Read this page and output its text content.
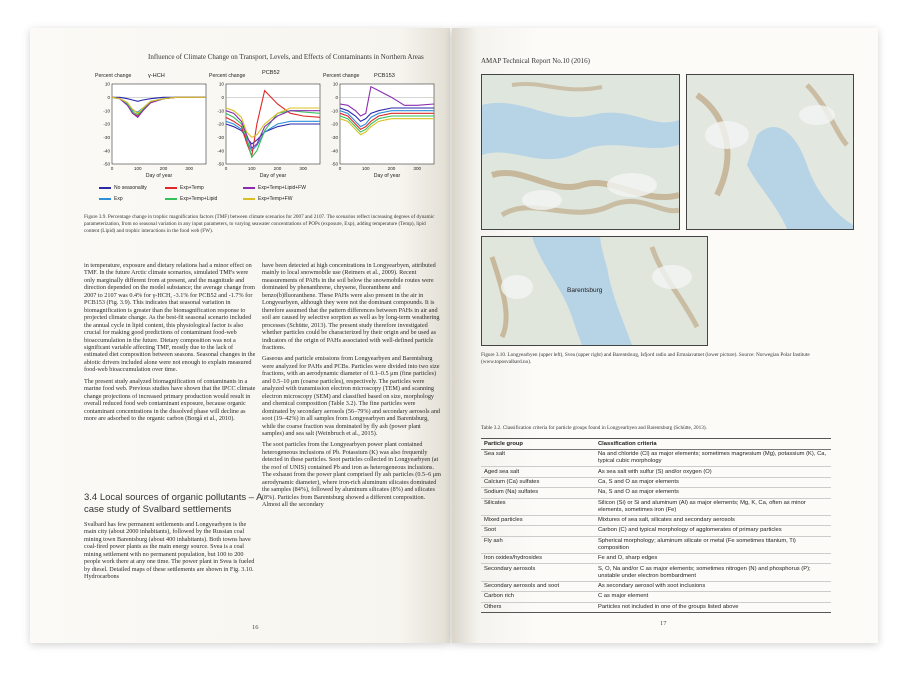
Influence of Climate Change on Transport, Levels, and Effects of Contaminants in Northern Areas
Percent change	γ-HCH	Percent change	PCB52	Percent change	PCB153
10
0
-10
-20
-30
-40
-50
0	100	200	300
Day of year
10
0
-10
-20
-30
-40
-50
0	100	200	300
Day of year
10
0
-10
-20
-30
-40
-50
0	100	200	300
Day of year
No seasonality
Exp
Exp+Temp
Exp+Temp+Lipid
Exp+Temp+Lipid+FW
Exp+Temp+FW
Figure 3.9. Percentage change in trophic magnification factors (TMF) between climate scenarios for 2007 and 2107. The scenarios reflect increasing degrees of dynamic parameterization, from no seasonal variation in any input parameters, to varying seawater concentrations of POPs (exposure, Exp), adding temperature (Temp), lipid content (Lipid) and trophic interactions in the food web (FW).

in temperature, exposure and dietary relations had a minor effect on TMF. In the future Arctic climate scenarios, simulated TMFs were only marginally different from at present, and the magnitude and direction depended on the model substance; the average change from 2007 to 2107 was 0.4% for γ-HCH, -3.1% for PCB52 and -1.7% for PCB153 (Fig. 3.9). This indicates that seasonal variation in biomagnification is greater than the biomagnification response to projected climate change. As the best-fit seasonal scenario included the annual cycle in lipid content, this physiological factor is also crucial for making good predictions of contaminant food-web bioaccumulation in the future. Dietary composition was not a significant variable affecting TMF, mostly due to the lack of estimated diet composition between seasons. Seasonal changes in the abiotic drivers included alone were not enough to explain measured food-web bioaccumulation over time.

The present study analyzed biomagnification of contaminants in a marine food web. Previous studies have shown that the IPCC climate change projections of increased primary production would result in overall reduced food web contaminant exposure, because organic contaminant concentrations in the dissolved phase will decline as more are adsorbed to the organic carbon (Borgå et al., 2010).

3.4 Local sources of organic pollutants – A case study of Svalbard settlements

Svalbard has few permanent settlements and Longyearbyen is the main city (about 2000 inhabitants), followed by the Russian coal mining town Barentsburg (about 400 inhabitants). Both towns have coal-fired power plants as the main energy source. Sveа is a coal mining settlement with no permanent population, but 100 to 200 people work there at any one time. The power plant in Svea is fueled by diesel. Detailed maps of these settlements are shown in Fig. 3.10. Hydrocarbons

have been detected at high concentrations in Longyearbyen, attributed mainly to local snowmobile use (Reimers et al., 2009). Recent measurements of PAHs in the soil below the snowmobile routes were dominated by phenanthrene, chrysene, fluoranthene and benzo(b)fluoranthene. These PAHs were also present in the air in Longyearbyen, although they were not the dominant compounds. It is therefore assumed that the pattern differences between PAHs in air and soil are caused by selective sorption as well as by long-term weathering processes (Schütte, 2013). The present study therefore investigated whether particles could be characterized by their origin and be used as indicators of the origin of PAHs associated with well-defined particle fractions.

Gaseous and particle emissions from Longyearbyen and Barentsburg were analyzed for PAHs and PCBs. Particles were divided into two size fractions, with an aerodynamic diameter of 0.1–0.5 μm (fine particles) and 0.5–10 μm (coarse particles), respectively. The particles were analyzed with transmission electron microscopy (TEM) and scanning electron microscopy (SEM) and classified based on size, morphology and chemical composition (Table 3.2). The fine particles were dominated by secondary aerosols (56–79%) and secondary aerosols and soot (19–42%) in all samples from Longyearbyen and Barentsburg, while the coarse fraction was dominated by fly ash (power plant samples) and sea salt (Weinbruch et al., 2015).

The soot particles from the Longyearbyen power plant contained heterogeneous inclusions of Pb. Potassium (K) was also frequently detected in these particles. Soot particles collected in Longyearbyen (at the roof of UNIS) contained Pb and iron as heterogeneous inclusions. The exhaust from the power plant comprised fly ash particles (0.5–6 μm aerodynamic diameter), where iron-rich aluminum silicates dominated the samples (84%), followed by aluminum silicates (8%) and silicates (8%). Particles from Barentsburg showed a different composition. Almost all the secondary

16
AMAP Technical Report No.10 (2016)
Barentsburg
Figure 3.10. Longyearbyen (upper left), Svea (upper right) and Barentsburg, Isfjord radio and Ermaiаvatnet (lower picture). Source: Norwegian Polar Institute (www.toposvalbard.no).
Table 3.2. Classification criteria for particle groups found in Longyearbyen and Barentsburg (Schütte, 2013).
Particle group	Classification criteria
Sea salt	Na and chloride (Cl) as major elements; sometimes magnesium (Mg), potassium (K), Ca, typical cubic morphology
Aged sea salt	As sea salt with sulfur (S) and/or oxygen (O)
Calcium (Ca) sulfates	Ca, S and O as major elements
Sodium (Na) sulfates	Na, S and O as major elements
Silicates	Silicon (Si) or Si and aluminum (Al) as major elements; Mg, K, Ca, often as minor elements, sometimes iron (Fe)
Mixed particles	Mixtures of sea salt, silicates and secondary aerosols
Soot	Carbon (C) and typical morphology of agglomerates of primary particles
Fly ash	Spherical morphology; aluminum silicate or metal (Fe sometimes titanium, Ti) composition
Iron oxides/hydroxides	Fe and O, sharp edges
Secondary aerosols	S, O, Na and/or C as major elements; sometimes nitrogen (N) and phosphorus (P); unstable under electron bombardment
Secondary aerosols and soot	As secondary aerosol with soot inclusions
Carbon rich	C as major element
Others	Particles not included in one of the groups listed above
17
